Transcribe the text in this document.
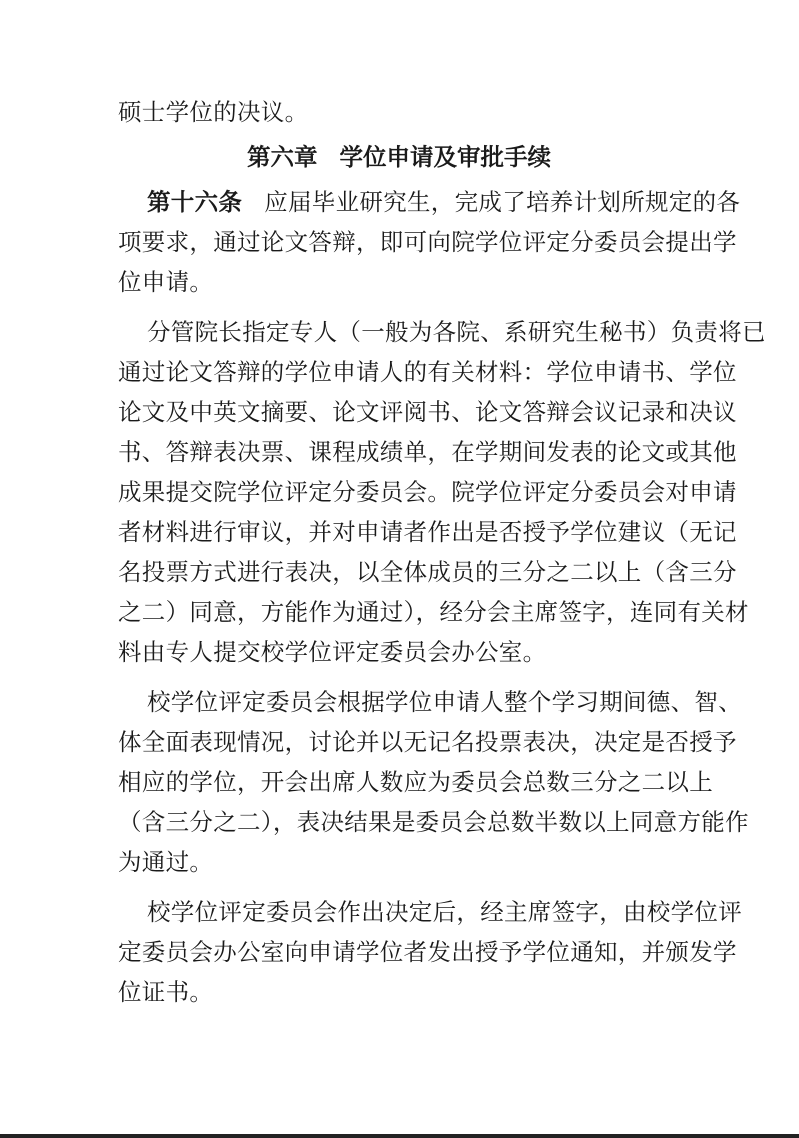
硕士学位的决议。
第六章 学位申请及审批手续
第十六条 应届毕业研究生，完成了培养计划所规定的各
项要求，通过论文答辩，即可向院学位评定分委员会提出学
位申请。
分管院长指定专人（一般为各院、系研究生秘书）负责将已
通过论文答辩的学位申请人的有关材料：学位申请书、学位
论文及中英文摘要、论文评阅书、论文答辩会议记录和决议
书、答辩表决票、课程成绩单，在学期间发表的论文或其他
成果提交院学位评定分委员会。院学位评定分委员会对申请
者材料进行审议，并对申请者作出是否授予学位建议（无记
名投票方式进行表决，以全体成员的三分之二以上（含三分
之二）同意，方能作为通过），经分会主席签字，连同有关材
料由专人提交校学位评定委员会办公室。
校学位评定委员会根据学位申请人整个学习期间德、智、
体全面表现情况，讨论并以无记名投票表决，决定是否授予
相应的学位，开会出席人数应为委员会总数三分之二以上
（含三分之二），表决结果是委员会总数半数以上同意方能作
为通过。
校学位评定委员会作出决定后，经主席签字，由校学位评
定委员会办公室向申请学位者发出授予学位通知，并颁发学
位证书。
